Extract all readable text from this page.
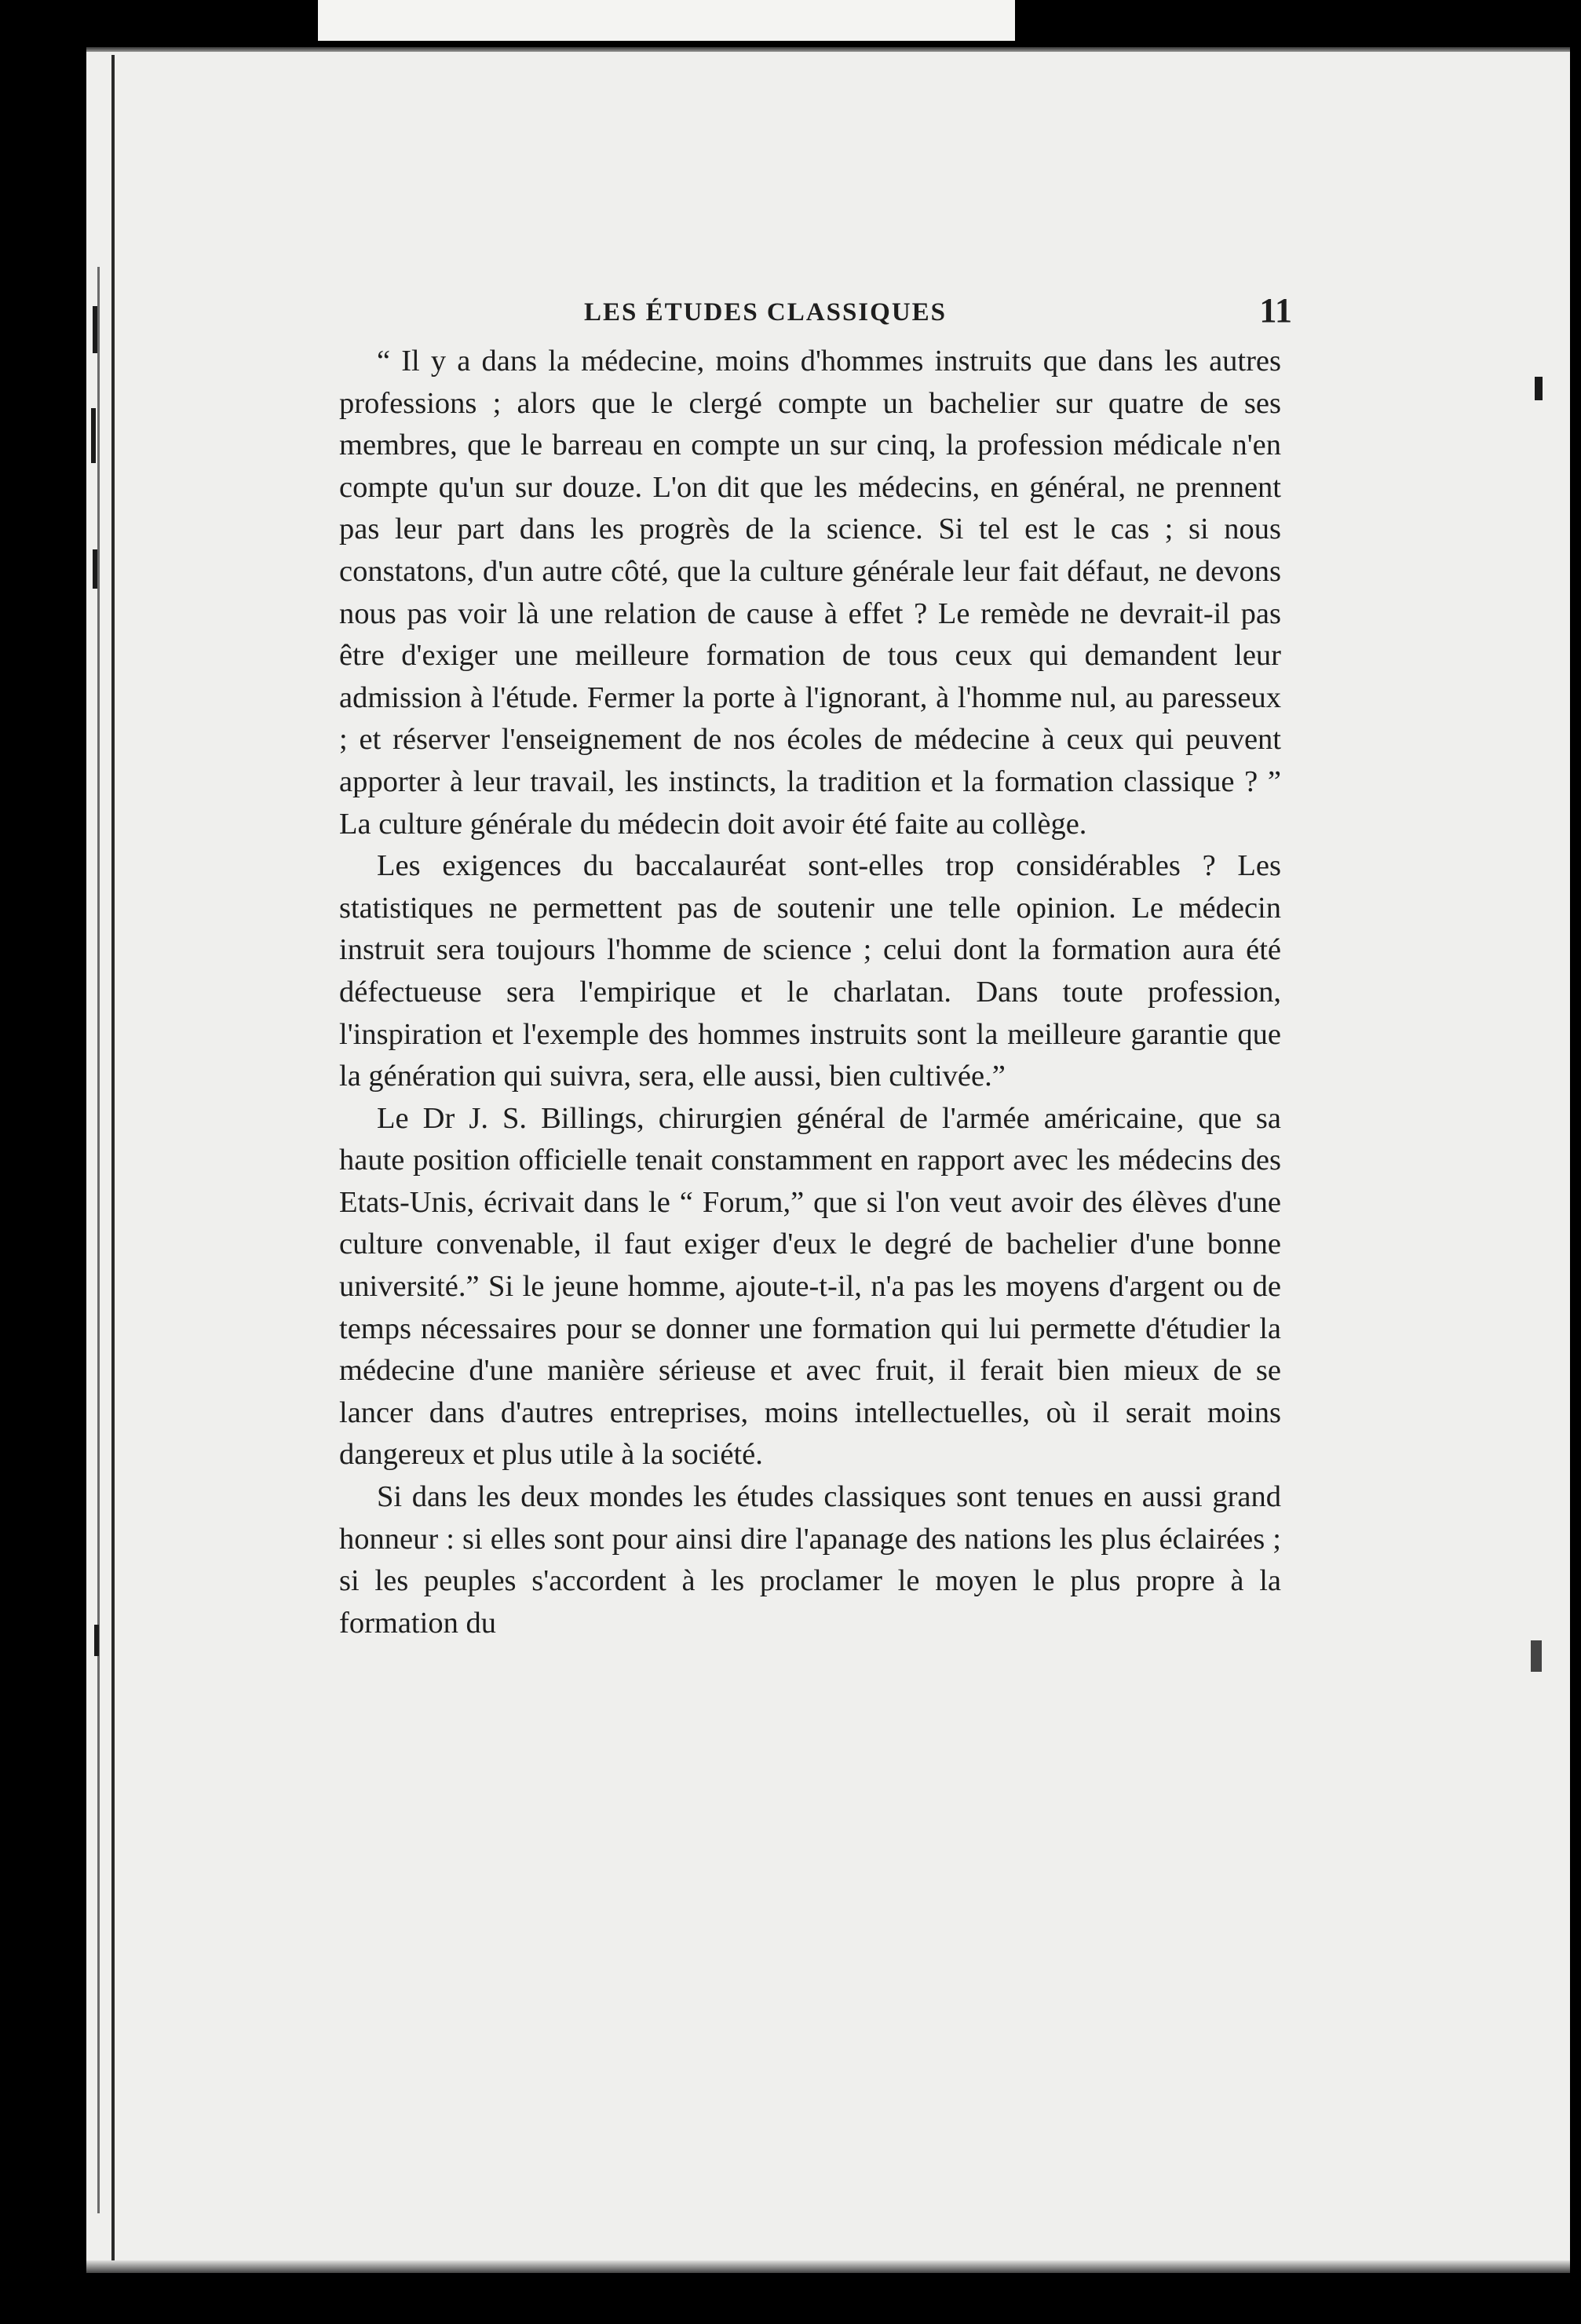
LES ÉTUDES CLASSIQUES	11

“ Il y a dans la médecine, moins d'hommes instruits que dans les autres professions ; alors que le clergé compte un bachelier sur quatre de ses membres, que le barreau en compte un sur cinq, la profession médicale n'en compte qu'un sur douze. L'on dit que les médecins, en général, ne prennent pas leur part dans les progrès de la science. Si tel est le cas ; si nous constatons, d'un autre côté, que la culture générale leur fait défaut, ne devons nous pas voir là une relation de cause à effet ? Le remède ne devrait-il pas être d'exiger une meilleure formation de tous ceux qui demandent leur admission à l'étude. Fermer la porte à l'ignorant, à l'homme nul, au paresseux ; et réserver l'enseignement de nos écoles de médecine à ceux qui peuvent apporter à leur travail, les instincts, la tradition et la formation classique ? ” La culture générale du médecin doit avoir été faite au collège.

Les exigences du baccalauréat sont-elles trop considérables ? Les statistiques ne permettent pas de soutenir une telle opinion. Le médecin instruit sera toujours l'homme de science ; celui dont la formation aura été défectueuse sera l'empirique et le charlatan. Dans toute profession, l'inspiration et l'exemple des hommes instruits sont la meilleure garantie que la génération qui suivra, sera, elle aussi, bien cultivée.”

Le Dr J. S. Billings, chirurgien général de l'armée américaine, que sa haute position officielle tenait constamment en rapport avec les médecins des Etats-Unis, écrivait dans le “ Forum,” que si l'on veut avoir des élèves d'une culture convenable, il faut exiger d'eux le degré de bachelier d'une bonne université.” Si le jeune homme, ajoute-t-il, n'a pas les moyens d'argent ou de temps nécessaires pour se donner une formation qui lui permette d'étudier la médecine d'une manière sérieuse et avec fruit, il ferait bien mieux de se lancer dans d'autres entreprises, moins intellectuelles, où il serait moins dangereux et plus utile à la société.

Si dans les deux mondes les études classiques sont tenues en aussi grand honneur : si elles sont pour ainsi dire l'apanage des nations les plus éclairées ; si les peuples s'accordent à les proclamer le moyen le plus propre à la formation du
